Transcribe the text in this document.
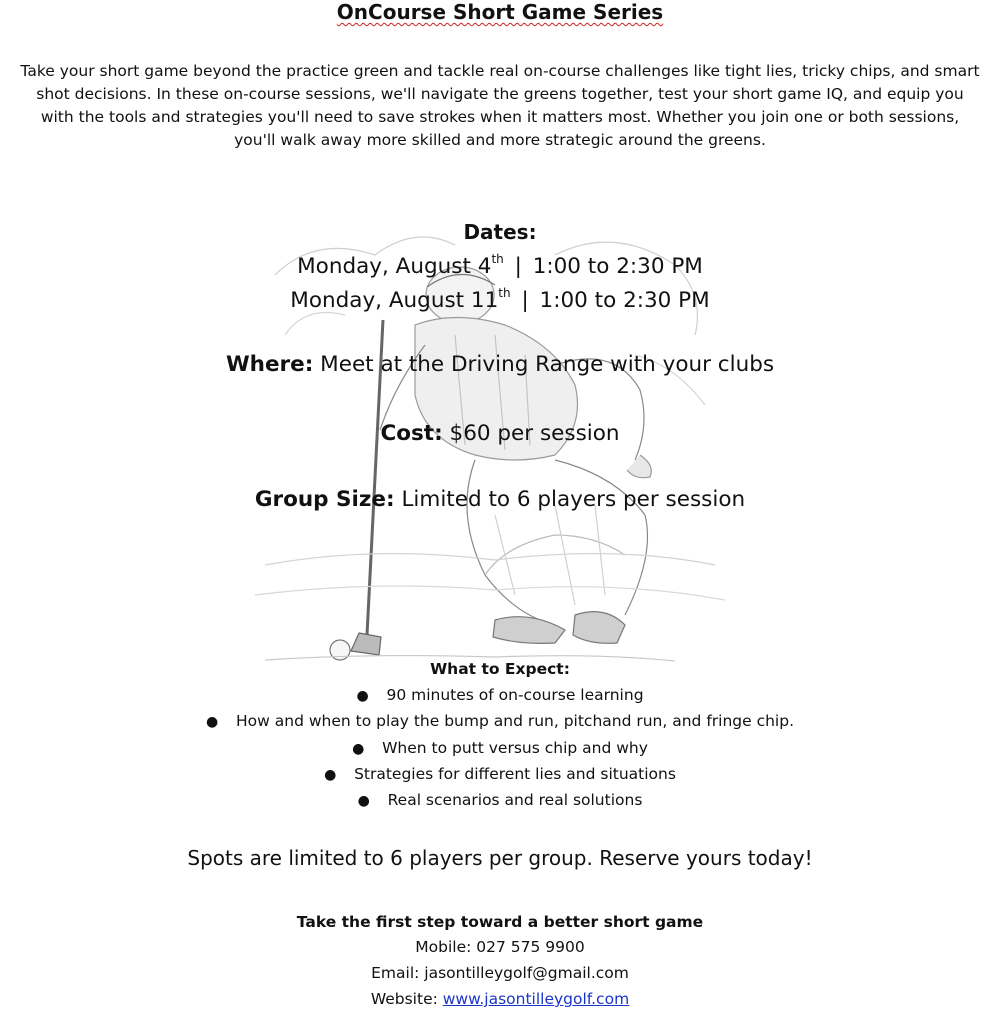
OnCourse Short Game Series
Take your short game beyond the practice green and tackle real on-course challenges like tight lies, tricky chips, and smart shot decisions. In these on-course sessions, we'll navigate the greens together, test your short game IQ, and equip you with the tools and strategies you'll need to save strokes when it matters most. Whether you join one or both sessions, you'll walk away more skilled and more strategic around the greens.
Dates:
Monday, August 4th | 1:00 to 2:30 PM
Monday, August 11th | 1:00 to 2:30 PM
Where: Meet at the Driving Range with your clubs
Cost: $60 per session
Group Size: Limited to 6 players per session
What to Expect:
● 90 minutes of on-course learning
● How and when to play the bump and run, pitchand run, and fringe chip.
● When to putt versus chip and why
● Strategies for different lies and situations
● Real scenarios and real solutions
Spots are limited to 6 players per group. Reserve yours today!
Take the first step toward a better short game
Mobile: 027 575 9900
Email: jasontilleygolf@gmail.com
Website: www.jasontilleygolf.com
